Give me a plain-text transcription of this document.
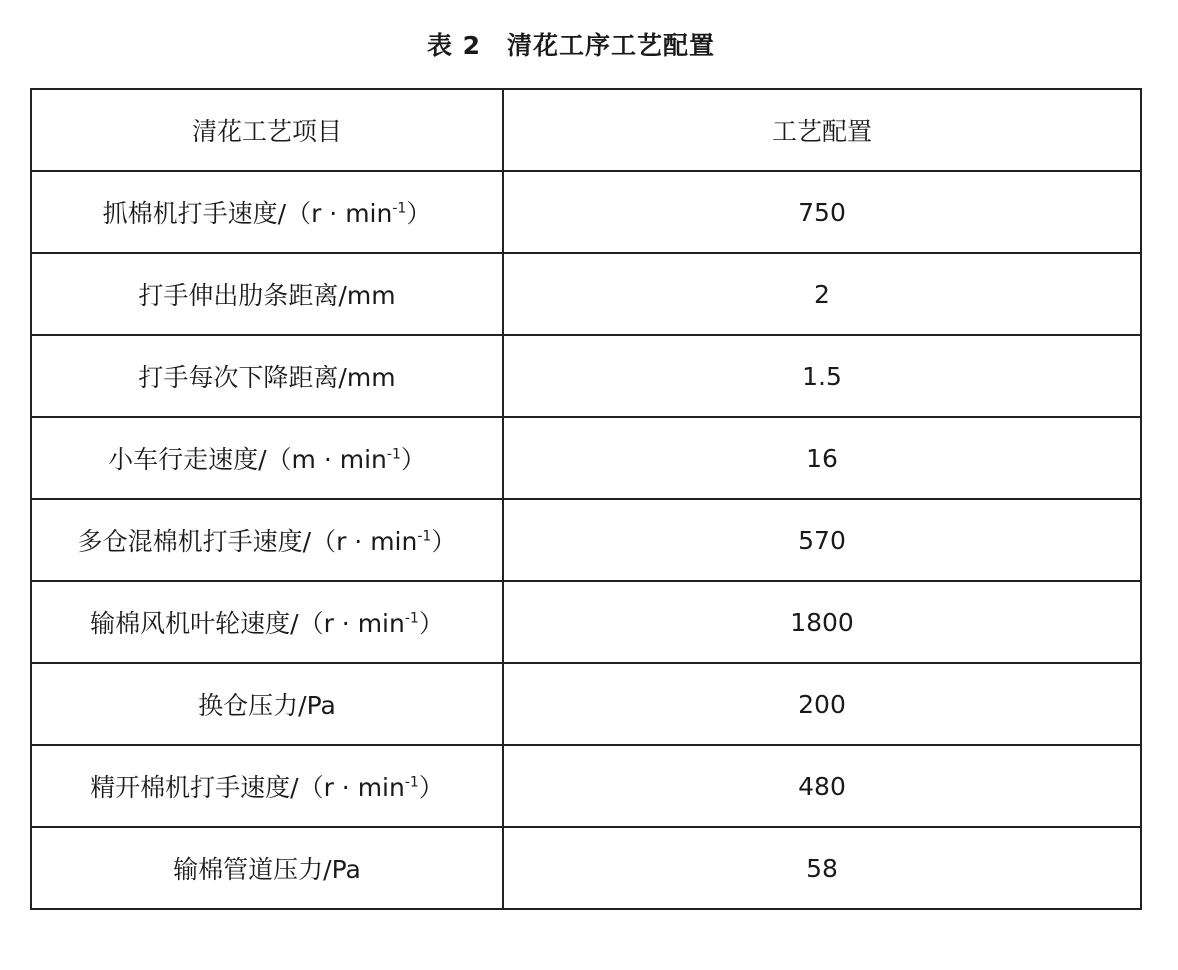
表 2 清花工序工艺配置
清花工艺项目	工艺配置
抓棉机打手速度$/(r \cdot \min^{-1})$	750
打手伸出肋条距离/mm	2
打手每次下降距离/mm	1.5
小车行走速度$/(m \cdot \min^{-1})$	16
多仓混棉机打手速度$/(r \cdot \min^{-1})$	570
输棉风机叶轮速度$/(r \cdot \min^{-1})$	1800
换仓压力/Pa	200
精开棉机打手速度$/(r \cdot \min^{-1})$	480
输棉管道压力/Pa	58
